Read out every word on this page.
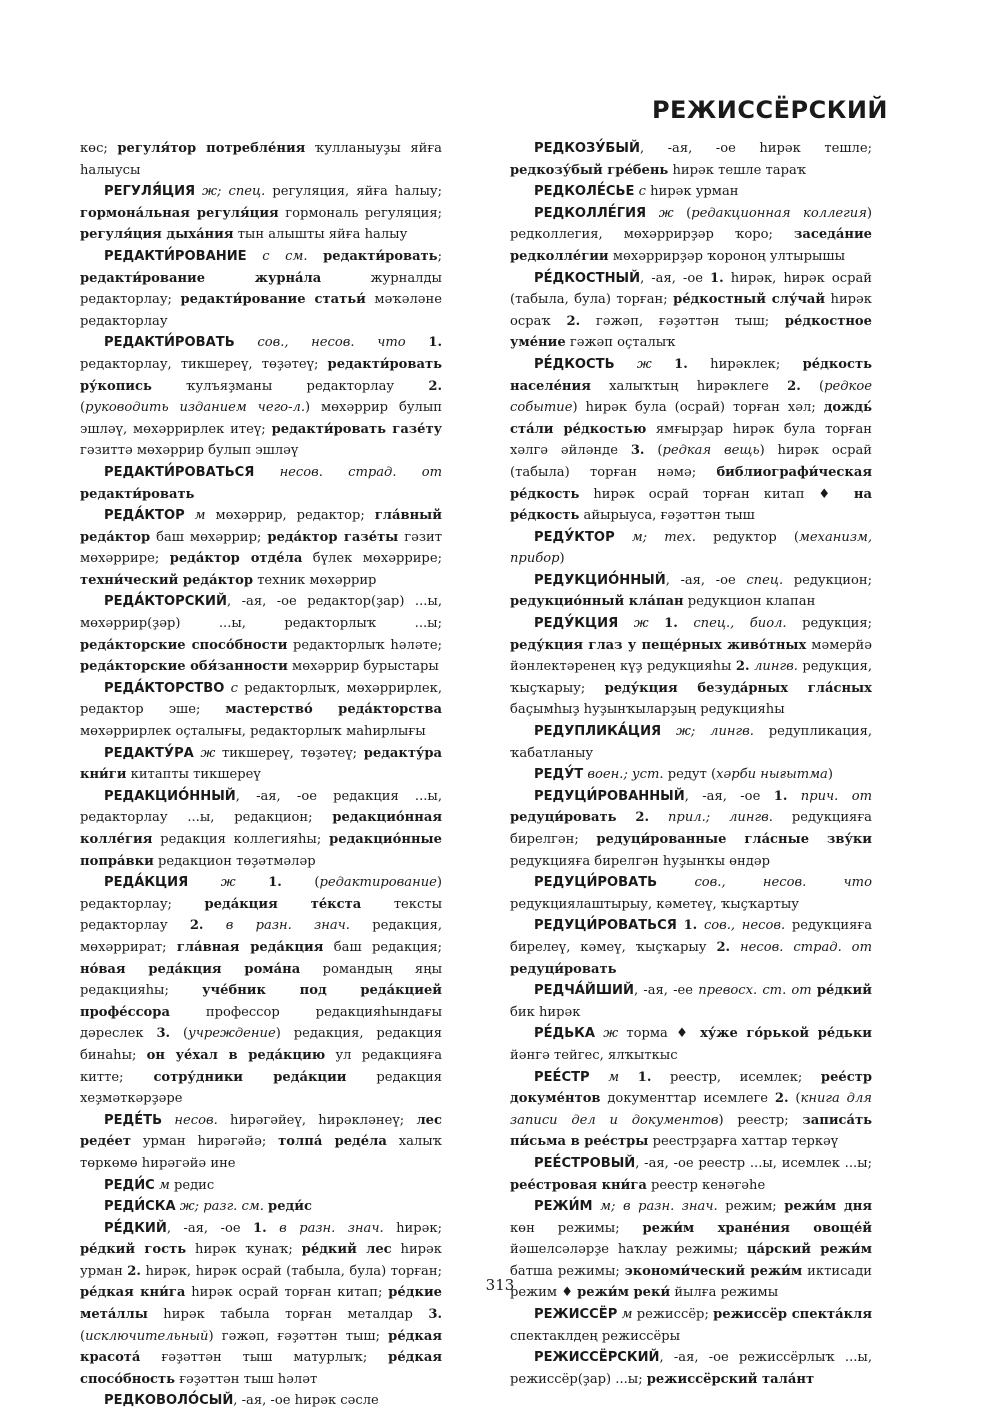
РЕЖИССЁРСКИЙ

көс; регуля́тор потребле́ния ҡулланыуҙы яйға һалыусы

РЕГУЛЯ́ЦИЯ ж; спец. регуляция, яйға һалыу; гормона́льная регуля́ция гормональ регуляция; регуля́ция дыха́ния тын алышты яйға һалыу

РЕДАКТИ́РОВАНИЕ с см. редакти́ровать; редакти́рование журна́ла журналды редакторлау; редакти́рование статьи́ мәҡәләне редакторлау

РЕДАКТИ́РОВАТЬ сов., несов. что 1. редакторлау, тикшереү, төҙәтеү; редакти́ровать ру́копись ҡулъяҙманы редакторлау 2. (руководить изданием чего-л.) мөхәррир булып эшләү, мөхәррирлек итеү; редакти́ровать газе́ту гәзиттә мөхәррир булып эшләү

РЕДАКТИ́РОВАТЬСЯ несов. страд. от редакти́ровать

РЕДА́КТОР м мөхәррир, редактор; гла́вный реда́ктор баш мөхәррир; реда́ктор газе́ты гәзит мөхәррире; реда́ктор отде́ла бүлек мөхәррире; техни́ческий реда́ктор техник мөхәррир

РЕДА́КТОРСКИЙ, -ая, -ое редактор(ҙар) ...ы, мөхәррир(ҙәр) ...ы, редакторлыҡ ...ы; реда́кторские спосо́бности редакторлыҡ һәләте; реда́кторские обя́занности мөхәррир бурыстары

РЕДА́КТОРСТВО с редакторлыҡ, мөхәррирлек, редактор эше; мастерство́ реда́кторства мөхәррирлек оҫталығы, редакторлыҡ маһирлығы

РЕДАКТУ́РА ж тикшереү, төҙәтеү; редакту́ра кни́ги китапты тикшереү

РЕДАКЦИО́ННЫЙ, -ая, -ое редакция ...ы, редакторлау ...ы, редакцион; редакцио́нная колле́гия редакция коллегияһы; редакцио́нные попра́вки редакцион төҙәтмәләр

РЕДА́КЦИЯ ж 1. (редактирование) редакторлау; реда́кция те́кста тексты редакторлау 2. в разн. знач. редакция, мөхәррират; гла́вная реда́кция баш редакция; но́вая реда́кция рома́на романдың яңы редакцияһы; уче́бник под реда́кцией профе́ссора профессор редакцияһындағы дәреслек 3. (учреждение) редакция, редакция бинаһы; он уе́хал в реда́кцию ул редакцияға китте; сотру́дники реда́кции редакция хеҙмәткәрҙәре

РЕДЕ́ТЬ несов. һирәгәйеү, һирәкләнеү; лес реде́ет урман һирәгәйә; толпа́ реде́ла халыҡ төркөмө һирәгәйә ине

РЕДИ́С м редис

РЕДИ́СКА ж; разг. см. реди́с

РЕ́ДКИЙ, -ая, -ое 1. в разн. знач. һирәк; ре́дкий гость һирәк ҡунаҡ; ре́дкий лес һирәк урман 2. һирәк, һирәк осрай (табыла, була) торған; ре́дкая кни́га һирәк осрай торған китап; ре́дкие мета́ллы һирәк табыла торған металдар 3. (исключительный) гәжәп, ғәҙәттән тыш; ре́дкая красота́ ғәҙәттән тыш матурлыҡ; ре́дкая спосо́бность ғәҙәттән тыш һәләт

РЕДКОВОЛО́СЫЙ, -ая, -ое һирәк сәсле

РЕДКОЗУ́БЫЙ, -ая, -ое һирәк тешле; редкозу́бый гре́бень һирәк тешле тараҡ

РЕДКОЛЕ́СЬЕ с һирәк урман

РЕДКОЛЛЕ́ГИЯ ж (редакционная коллегия) редколлегия, мөхәррирҙәр ҡоро; заседа́ние редколле́гии мөхәррирҙәр ҡороноң ултырышы

РЕ́ДКОСТНЫЙ, -ая, -ое 1. һирәк, һирәк осрай (табыла, була) торған; ре́дкостный слу́чай һирәк осраҡ 2. гәжәп, ғәҙәттән тыш; ре́дкостное уме́ние гәжәп оҫталыҡ

РЕ́ДКОСТЬ ж 1. һирәклек; ре́дкость населе́ния халыҡтың һирәклеге 2. (редкое событие) һирәк була (осрай) торған хәл; дождь́ ста́ли ре́дкостью ямғырҙар һирәк була торған хәлгә әйләнде 3. (редкая вещь) һирәк осрай (табыла) торған нәмә; библиографи́ческая ре́дкость һирәк осрай торған китап ♦ на ре́дкость айырыуса, ғәҙәттән тыш

РЕДУ́КТОР м; тех. редуктор (механизм, прибор)

РЕДУКЦИО́ННЫЙ, -ая, -ое спец. редукцион; редукцио́нный кла́пан редукцион клапан

РЕДУ́КЦИЯ ж 1. спец., биол. редукция; реду́кция глаз у пеще́рных живо́тных мәмерйә йәнлектәренең күҙ редукцияһы 2. лингв. редукция, ҡыҫҡарыу; реду́кция безуда́рных гла́сных баҫымһыҙ һуҙынҡыларҙың редукцияһы

РЕДУПЛИКА́ЦИЯ ж; лингв. редупликация, ҡабатланыу

РЕДУ́Т воен.; уст. редут (хәрби нығытма)

РЕДУЦИ́РОВАННЫЙ, -ая, -ое 1. прич. от редуци́ровать 2. прил.; лингв. редукцияға бирелгән; редуци́рованные гла́сные зву́ки редукцияға бирелгән һуҙынҡы өндәр

РЕДУЦИ́РОВАТЬ	сов., несов. что редукциялаштырыу, кәметеү, ҡыҫҡартыу

РЕДУЦИ́РОВАТЬСЯ 1. сов., несов. редукцияға бирелеү, кәмеү, ҡыҫҡарыу 2. несов. страд. от редуци́ровать

РЕДЧА́ЙШИЙ, -ая, -ее превосх. ст. от ре́дкий бик һирәк

РЕ́ДЬКА ж торма ♦ ху́же го́рькой ре́дьки йәнгә тейгес, ялҡыткыс

РЕЕ́СТР м 1. реестр, исемлек; рее́стр докуме́нтов документтар исемлеге 2. (книга для записи дел и документов) реестр; записа́ть пи́сьма в рее́стры реестрҙарға хаттар теркәү

РЕЕ́СТРОВЫЙ, -ая, -ое реестр ...ы, исемлек ...ы; рее́стровая кни́га реестр кенәгәһе

РЕЖИ́М м; в разн. знач. режим; режи́м дня көн режимы; режи́м хране́ния овоще́й йәшелсәләрҙе һаҡлау режимы; ца́рский режи́м батша режимы; экономи́ческий режи́м иктисади режим ♦ режи́м реки́ йылға режимы

РЕЖИССЁР м режиссёр; режиссёр спекта́кля спектаклдең режиссёры

РЕЖИССЁРСКИЙ, -ая, -ое режиссёрлыҡ ...ы, режиссёр(ҙар) ...ы; режиссёрский тала́нт

313
